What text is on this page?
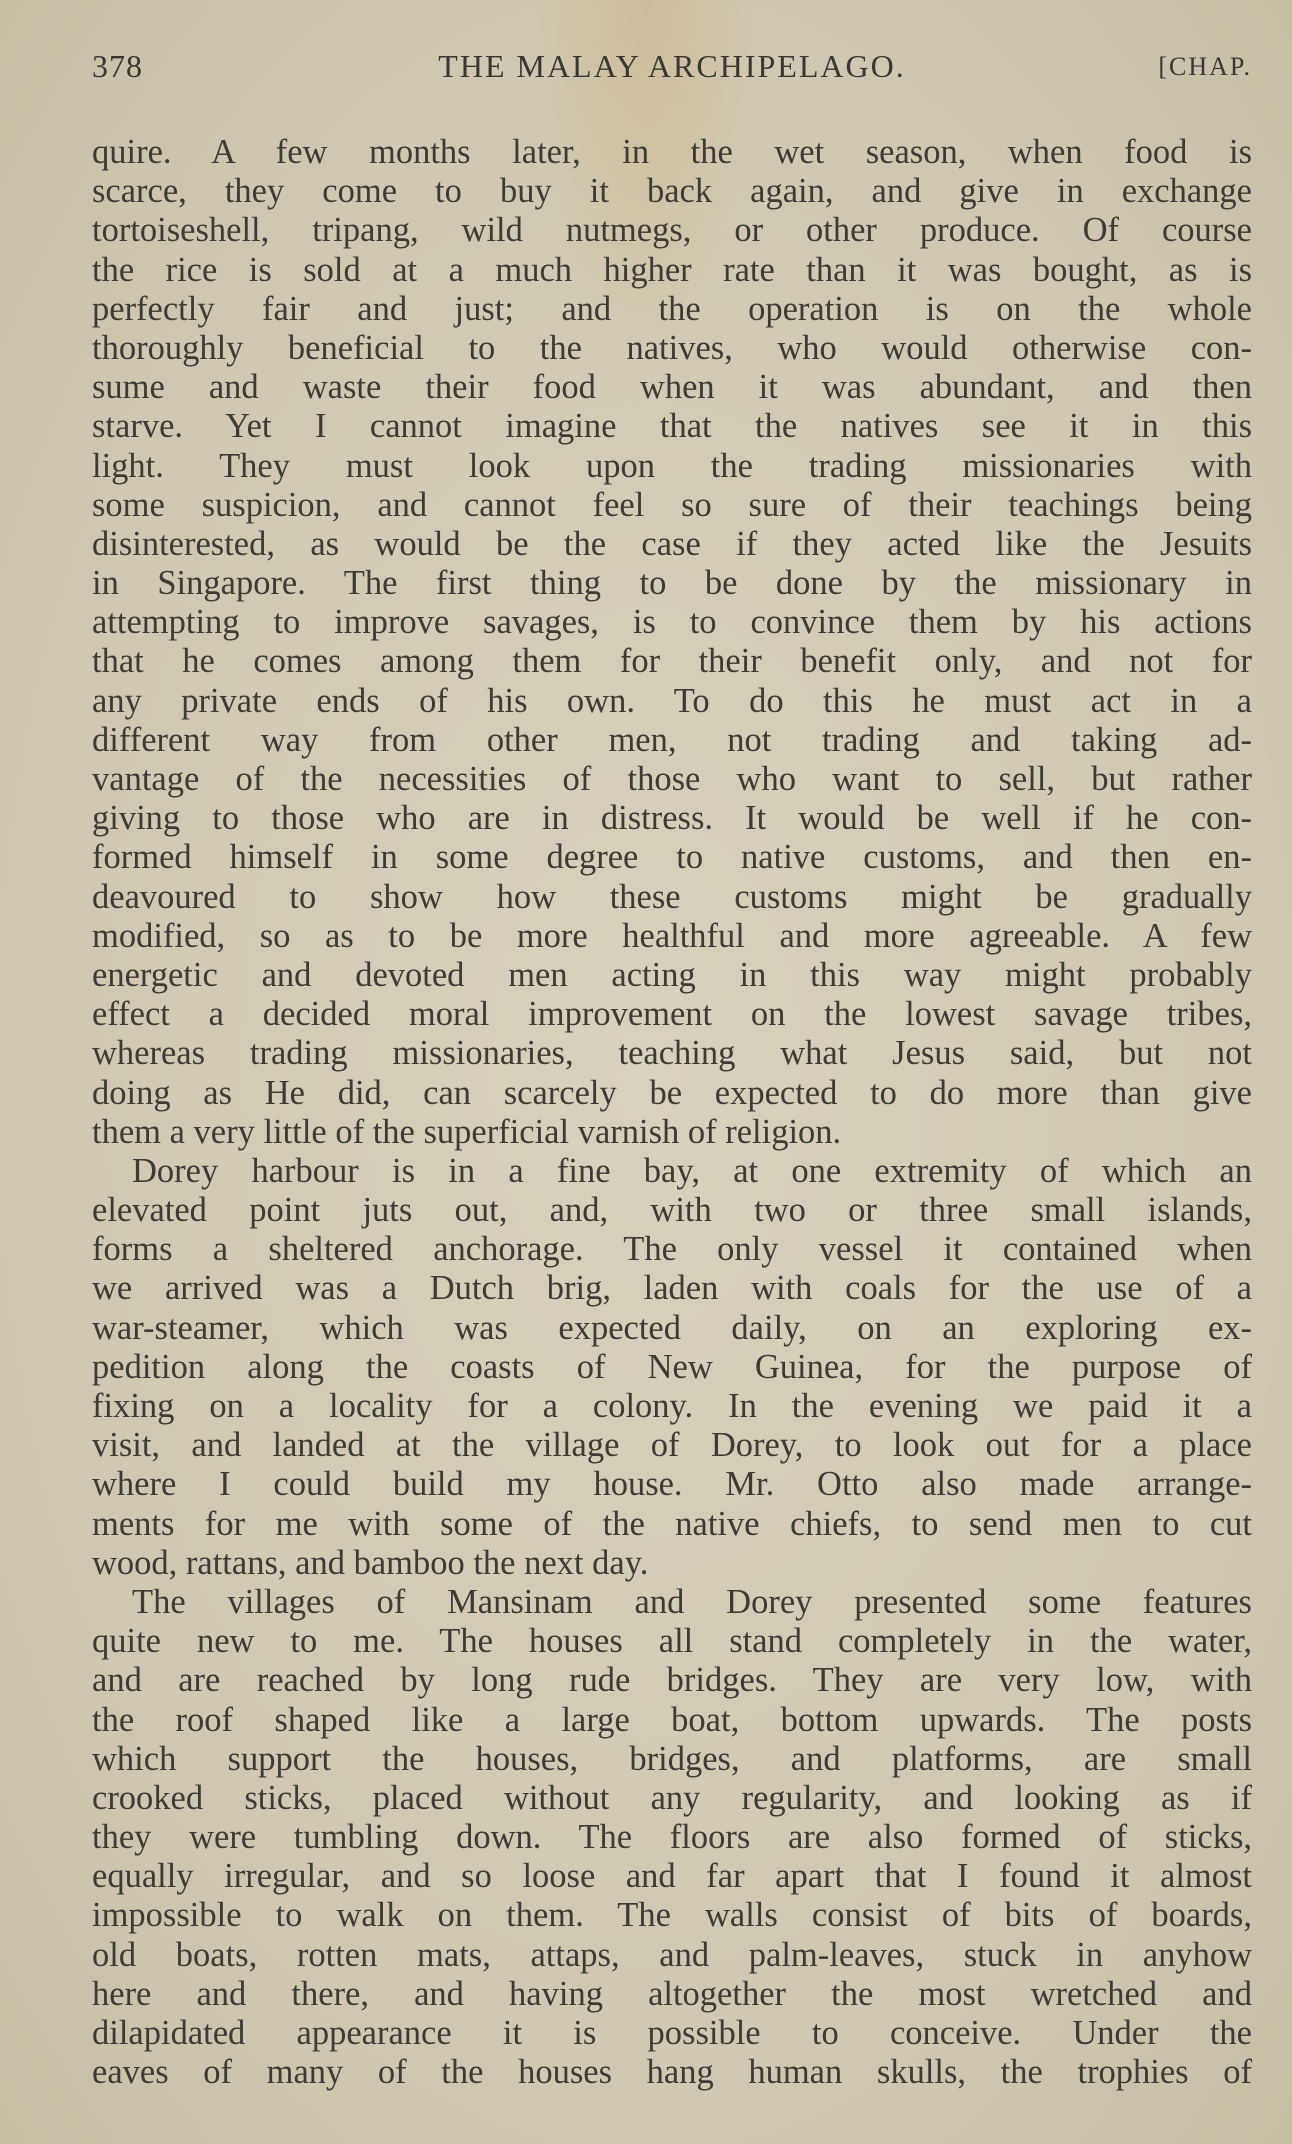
378	THE MALAY ARCHIPELAGO.	[CHAP.
quire. A few months later, in the wet season, when food is
scarce, they come to buy it back again, and give in exchange
tortoiseshell, tripang, wild nutmegs, or other produce. Of course
the rice is sold at a much higher rate than it was bought, as is
perfectly fair and just; and the operation is on the whole
thoroughly beneficial to the natives, who would otherwise con-
sume and waste their food when it was abundant, and then
starve. Yet I cannot imagine that the natives see it in this
light. They must look upon the trading missionaries with
some suspicion, and cannot feel so sure of their teachings being
disinterested, as would be the case if they acted like the Jesuits
in Singapore. The first thing to be done by the missionary in
attempting to improve savages, is to convince them by his actions
that he comes among them for their benefit only, and not for
any private ends of his own. To do this he must act in a
different way from other men, not trading and taking ad-
vantage of the necessities of those who want to sell, but rather
giving to those who are in distress. It would be well if he con-
formed himself in some degree to native customs, and then en-
deavoured to show how these customs might be gradually
modified, so as to be more healthful and more agreeable. A few
energetic and devoted men acting in this way might probably
effect a decided moral improvement on the lowest savage tribes,
whereas trading missionaries, teaching what Jesus said, but not
doing as He did, can scarcely be expected to do more than give
them a very little of the superficial varnish of religion.
Dorey harbour is in a fine bay, at one extremity of which an
elevated point juts out, and, with two or three small islands,
forms a sheltered anchorage. The only vessel it contained when
we arrived was a Dutch brig, laden with coals for the use of a
war-steamer, which was expected daily, on an exploring ex-
pedition along the coasts of New Guinea, for the purpose of
fixing on a locality for a colony. In the evening we paid it a
visit, and landed at the village of Dorey, to look out for a place
where I could build my house. Mr. Otto also made arrange-
ments for me with some of the native chiefs, to send men to cut
wood, rattans, and bamboo the next day.
The villages of Mansinam and Dorey presented some features
quite new to me. The houses all stand completely in the water,
and are reached by long rude bridges. They are very low, with
the roof shaped like a large boat, bottom upwards. The posts
which support the houses, bridges, and platforms, are small
crooked sticks, placed without any regularity, and looking as if
they were tumbling down. The floors are also formed of sticks,
equally irregular, and so loose and far apart that I found it almost
impossible to walk on them. The walls consist of bits of boards,
old boats, rotten mats, attaps, and palm-leaves, stuck in anyhow
here and there, and having altogether the most wretched and
dilapidated appearance it is possible to conceive. Under the
eaves of many of the houses hang human skulls, the trophies of
